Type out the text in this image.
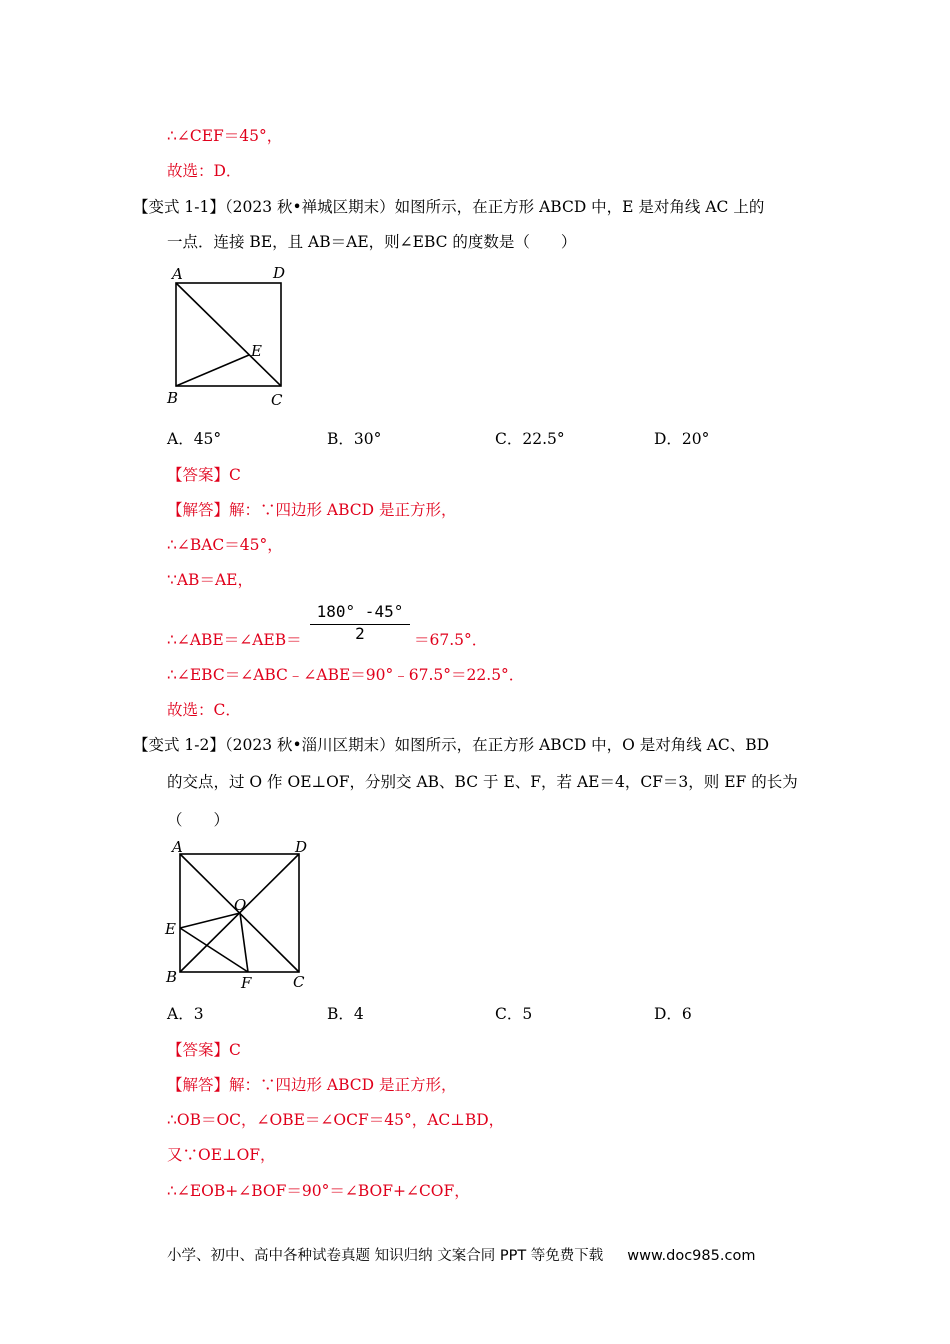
∴∠CEF＝45°，
故选：D．
【变式 1-1】（2023 秋•禅城区期末）如图所示，在正方形 ABCD 中，E 是对角线 AC 上的
一点．连接 BE，且 AB＝AE，则∠EBC 的度数是（　　）
A	D
E
B	C
A．45°	B．30°	C．22.5°	D．20°
【答案】C
【解答】解：∵四边形 ABCD 是正方形，
∴∠BAC＝45°，
∵AB＝AE，
∴∠ABE＝∠AEB＝
180° -45°
2	＝67.5°．
∴∠EBC＝∠ABC﹣∠ABE＝90°﹣67.5°＝22.5°．
故选：C．
【变式 1-2】（2023 秋•淄川区期末）如图所示，在正方形 ABCD 中，O 是对角线 AC、BD
的交点，过 O 作 OE⊥OF，分别交 AB、BC 于 E、F，若 AE＝4，CF＝3，则 EF 的长为
（　　）
A	D
O
E
B	F	C
A．3	B．4	C．5	D．6
【答案】C
【解答】解：∵四边形 ABCD 是正方形，
∴OB＝OC，∠OBE＝∠OCF＝45°，AC⊥BD，
又∵OE⊥OF，
∴∠EOB+∠BOF＝90°＝∠BOF+∠COF，
小学、初中、高中各种试卷真题 知识归纳 文案合同 PPT 等免费下载 www.doc985.com
